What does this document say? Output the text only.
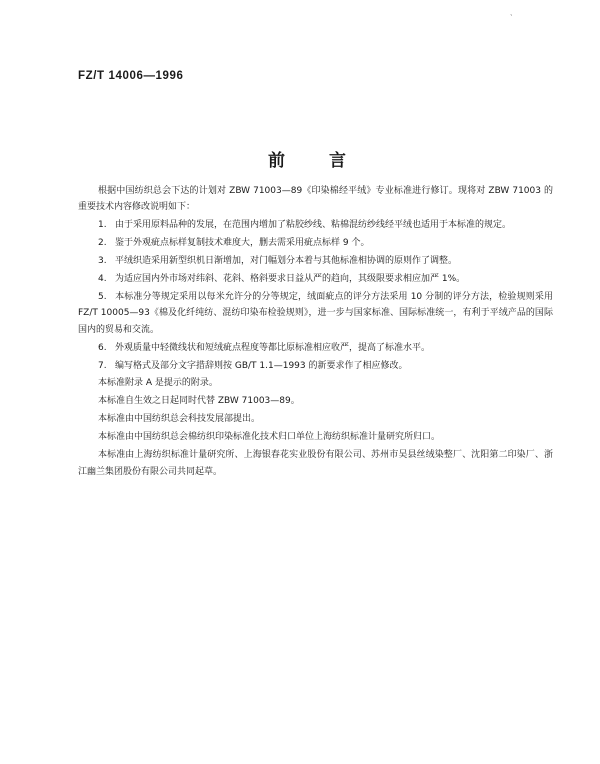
、
FZ/T 14006—1996
前言

根据中国纺织总会下达的计划对 ZBW 71003—89《印染棉经平绒》专业标准进行修订。现将对 ZBW 71003 的重要技术内容修改说明如下：

1. 由于采用原料品种的发展，在范围内增加了粘胶纱线、粘棉混纺纱线经平绒也适用于本标准的规定。

2. 鉴于外观疵点标样复制技术难度大，删去需采用疵点标样 9 个。

3. 平绒织造采用新型织机日渐增加，对门幅划分本着与其他标准相协调的原则作了调整。

4. 为适应国内外市场对纬斜、花斜、格斜要求日益从严的趋向，其级限要求相应加严 1%。

5. 本标准分等规定采用以每米允许分的分等规定，绒面疵点的评分方法采用 10 分制的评分方法，检验规则采用 FZ/T 10005—93《棉及化纤纯纺、混纺印染布检验规则》，进一步与国家标准、国际标准统一，有利于平绒产品的国际国内的贸易和交流。

6. 外观质量中轻微线状和短绒疵点程度等都比原标准相应收严，提高了标准水平。

7. 编写格式及部分文字措辞则按 GB/T 1.1—1993 的新要求作了相应修改。

本标准附录 A 是提示的附录。

本标准自生效之日起同时代替 ZBW 71003—89。

本标准由中国纺织总会科技发展部提出。

本标准由中国纺织总会棉纺织印染标准化技术归口单位上海纺织标准计量研究所归口。

本标准由上海纺织标准计量研究所、上海银春花实业股份有限公司、苏州市吴县丝绒染整厂、沈阳第二印染厂、浙江幽兰集团股份有限公司共同起草。
